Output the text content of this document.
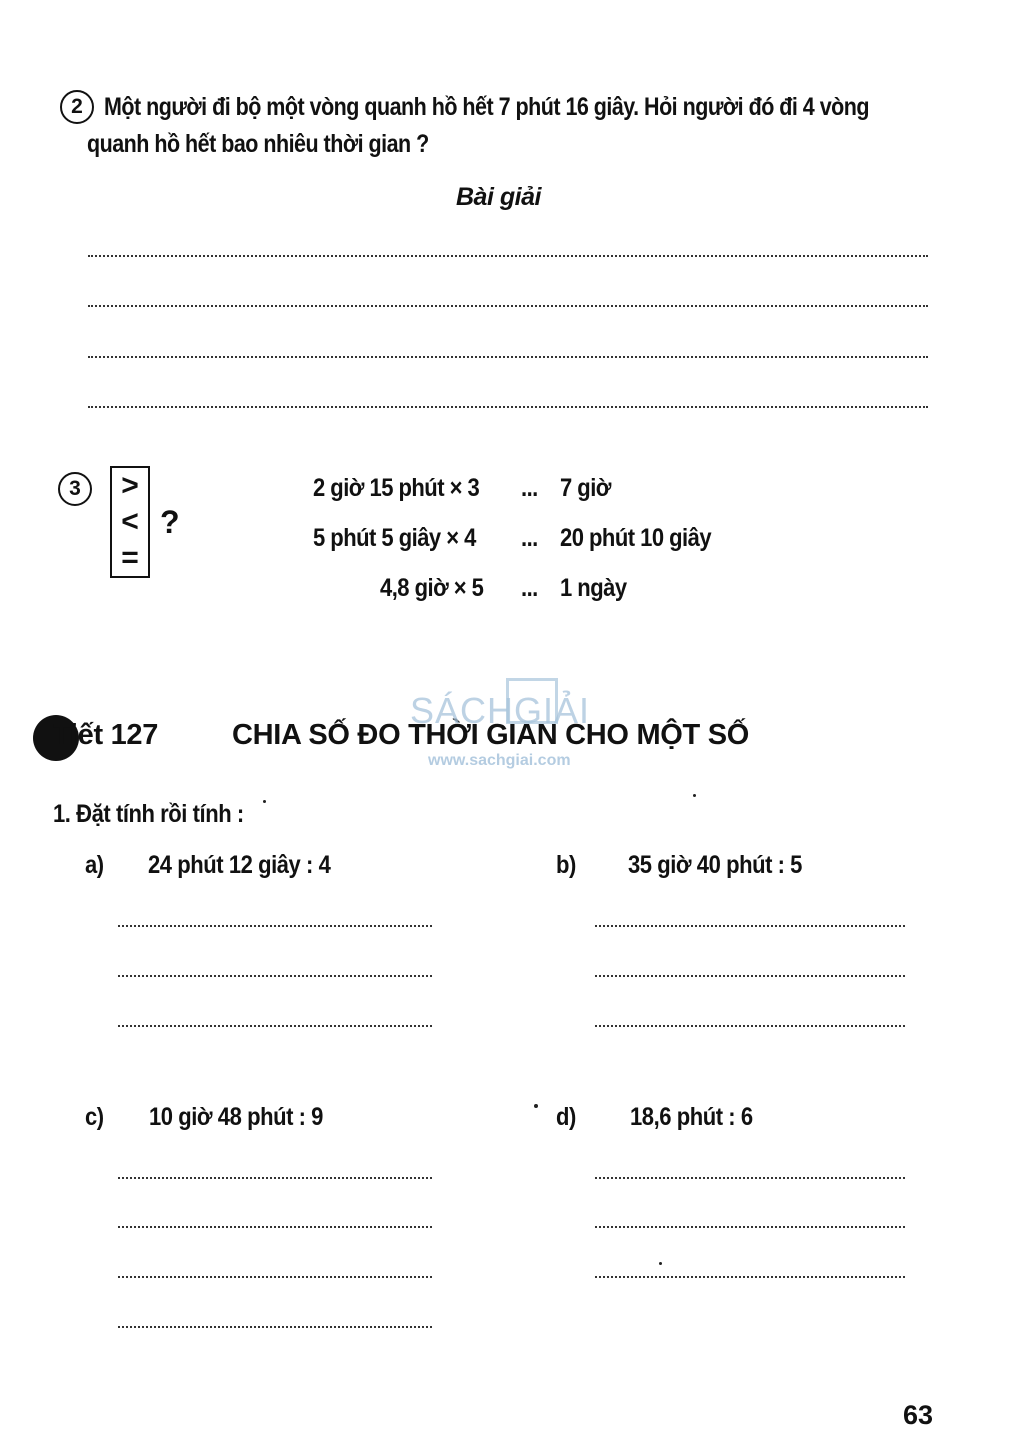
2 Một người đi bộ một vòng quanh hồ hết 7 phút 16 giây. Hỏi người đó đi 4 vòng
quanh hồ hết bao nhiêu thời gian ?
Bài giải
3	>
<
=
?
2 giờ 15 phút × 3 ... 7 giờ
5 phút 5 giây × 4 ... 20 phút 10 giây
4,8 giờ × 5 ... 1 ngày
Tiết 127	CHIA SỐ ĐO THỜI GIAN CHO MỘT SỐ
SÁCHGIẢI
www.sachgiai.com
1. Đặt tính rồi tính :
a) 24 phút 12 giây : 4	b) 35 giờ 40 phút : 5
c) 10 giờ 48 phút : 9	d) 18,6 phút : 6
63
